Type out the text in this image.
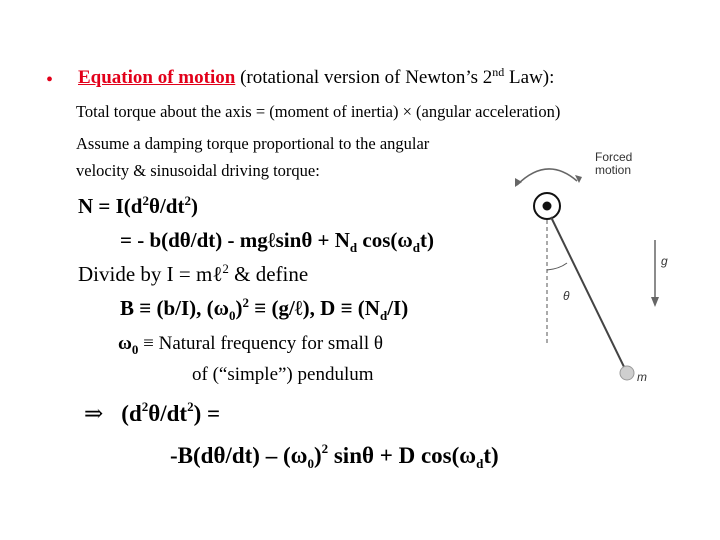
• Equation of motion (rotational version of Newton’s 2nd Law):
Total torque about the axis = (moment of inertia) × (angular acceleration)
Assume a damping torque proportional to the angular
velocity & sinusoidal driving torque:
$N = I(d^2\theta/dt^2)$
= - b(dθ/dt) - mgℓsinθ + $N_d$ $\cos(\omega_dt)$
Divide by I = mℓ$^2$ & define
B ≡ (b/I), $(\omega_0)^2$ ≡ (g/ℓ), $D \equiv (N_d/I)$
$\omega_0$ ≡ Natural frequency for small θ
of (“simple”) pendulum
⇒ $(d^2\theta/dt^2)$ =
$-B(d\theta/dt) - (\omega_0)^2$ sinθ + D $\cos(\omega_dt)$
Forced
motion
g
θ
m
